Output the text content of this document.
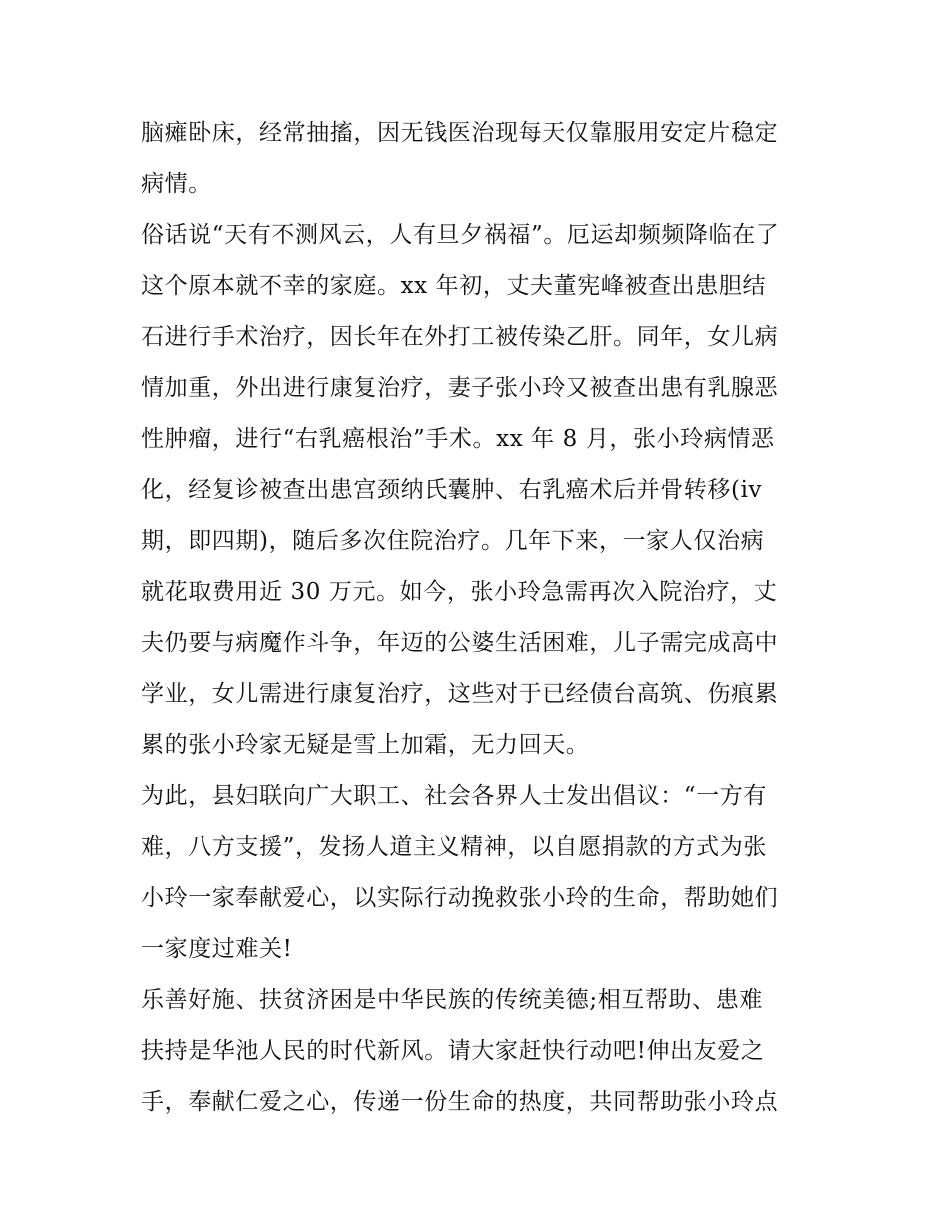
脑瘫卧床，经常抽搐，因无钱医治现每天仅靠服用安定片稳定
病情。
俗话说“天有不测风云，人有旦夕祸福”。厄运却频频降临在了
这个原本就不幸的家庭。xx 年初，丈夫董宪峰被查出患胆结
石进行手术治疗，因长年在外打工被传染乙肝。同年，女儿病
情加重，外出进行康复治疗，妻子张小玲又被查出患有乳腺恶
性肿瘤，进行“右乳癌根治”手术。xx 年 8 月，张小玲病情恶
化，经复诊被查出患宫颈纳氏囊肿、右乳癌术后并骨转移(iv
期，即四期)，随后多次住院治疗。几年下来，一家人仅治病
就花取费用近 30 万元。如今，张小玲急需再次入院治疗，丈
夫仍要与病魔作斗争，年迈的公婆生活困难，儿子需完成高中
学业，女儿需进行康复治疗，这些对于已经债台高筑、伤痕累
累的张小玲家无疑是雪上加霜，无力回天。
为此，县妇联向广大职工、社会各界人士发出倡议：“一方有
难，八方支援”，发扬人道主义精神，以自愿捐款的方式为张
小玲一家奉献爱心，以实际行动挽救张小玲的生命，帮助她们
一家度过难关!
乐善好施、扶贫济困是中华民族的传统美德;相互帮助、患难
扶持是华池人民的时代新风。请大家赶快行动吧!伸出友爱之
手，奉献仁爱之心，传递一份生命的热度，共同帮助张小玲点
